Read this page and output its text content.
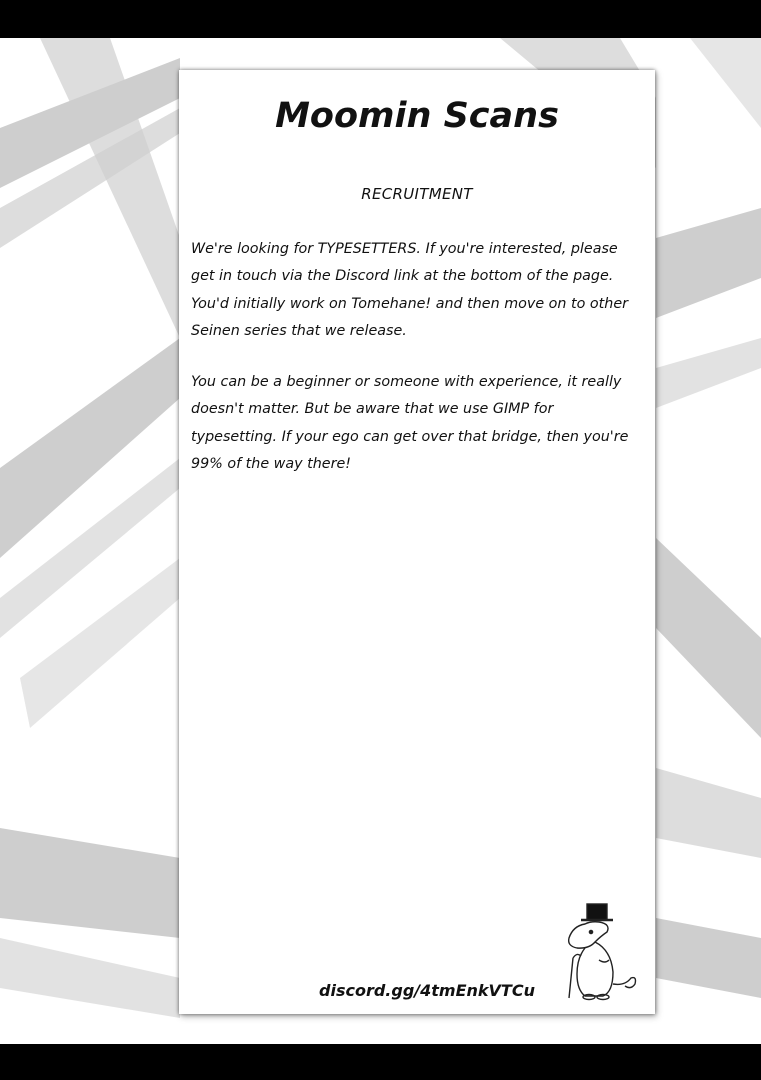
Moomin Scans
RECRUITMENT

We're looking for TYPESETTERS. If you're interested, please get in touch via the Discord link at the bottom of the page. You'd initially work on Tomehane! and then move on to other Seinen series that we release.

You can be a beginner or someone with experience, it really doesn't matter. But be aware that we use GIMP for typesetting. If your ego can get over that bridge, then you're 99% of the way there!

discord.gg/4tmEnkVTCu
